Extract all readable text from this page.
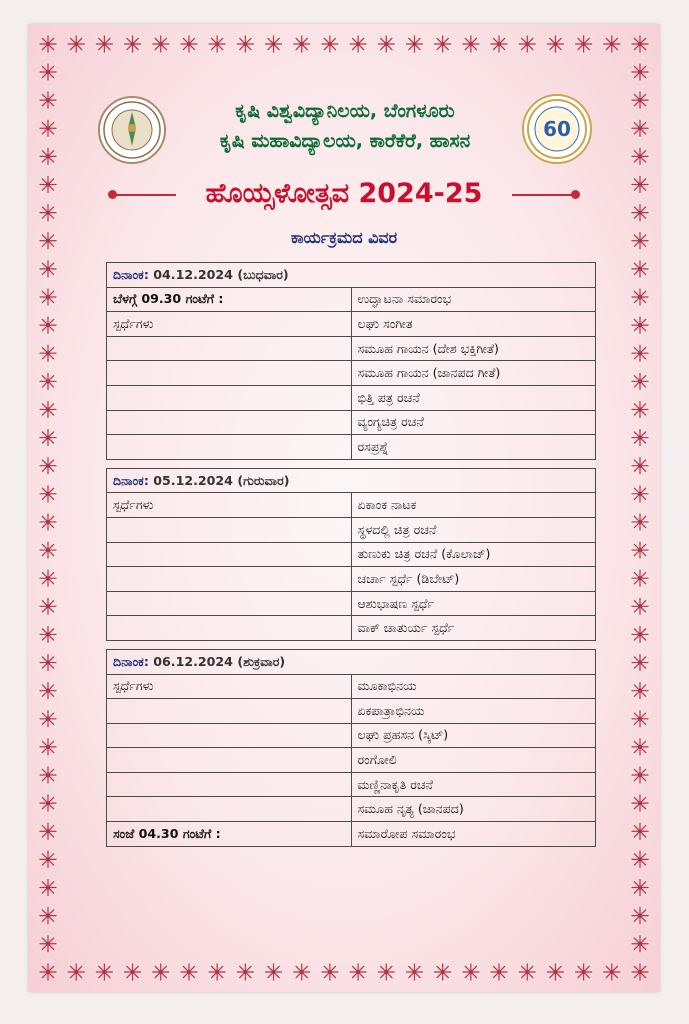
ಕೃಷಿ ವಿಶ್ವವಿದ್ಯಾನಿಲಯ, ಬೆಂಗಳೂರು
ಕೃಷಿ ಮಹಾವಿದ್ಯಾಲಯ, ಕಾರೆಕೆರೆ, ಹಾಸನ	60
ಹೊಯ್ಸಳೋತ್ಸವ 2024-25
ಕಾರ್ಯಕ್ರಮದ ವಿವರ
ದಿನಾಂಕ: 04.12.2024 (ಬುಧವಾರ)	
ಬೆಳಗ್ಗೆ 09.30 ಗಂಟೆಗೆ :	ಉದ್ಘಾಟನಾ ಸಮಾರಂಭ
ಸ್ಪರ್ಧೆಗಳು	ಲಘು ಸಂಗೀತ
	ಸಮೂಹ ಗಾಯನ (ದೇಶ ಭಕ್ತಿಗೀತೆ)
	ಸಮೂಹ ಗಾಯನ (ಜಾನಪದ ಗೀತೆ)
	ಭಿತ್ತಿ ಪತ್ರ ರಚನೆ
	ವ್ಯಂಗ್ಯಚಿತ್ರ ರಚನೆ
	ರಸಪ್ರಶ್ನೆ

ದಿನಾಂಕ: 05.12.2024 (ಗುರುವಾರ)	
ಸ್ಪರ್ಧೆಗಳು	ಏಕಾಂಕ ನಾಟಕ
	ಸ್ಥಳದಲ್ಲಿ ಚಿತ್ರ ರಚನೆ
	ತುಣುಕು ಚಿತ್ರ ರಚನೆ (ಕೊಲಾಜ್)
	ಚರ್ಚಾ ಸ್ಪರ್ಧೆ (ಡಿಬೇಟ್)
	ಆಶುಭಾಷಣ ಸ್ಪರ್ಧೆ
	ವಾಕ್ ಚಾತುರ್ಯ ಸ್ಪರ್ಧೆ

ದಿನಾಂಕ: 06.12.2024 (ಶುಕ್ರವಾರ)	
ಸ್ಪರ್ಧೆಗಳು	ಮೂಕಾಭಿನಯ
	ಏಕಪಾತ್ರಾಭಿನಯ
	ಲಘು ಪ್ರಹಸನ (ಸ್ಕಿಟ್)
	ರಂಗೋಲಿ
	ಮಣ್ಣಿನಾಕೃತಿ ರಚನೆ
	ಸಮೂಹ ನೃತ್ಯ (ಜಾನಪದ)
ಸಂಜೆ 04.30 ಗಂಟೆಗೆ :	ಸಮಾರೋಪ ಸಮಾರಂಭ
